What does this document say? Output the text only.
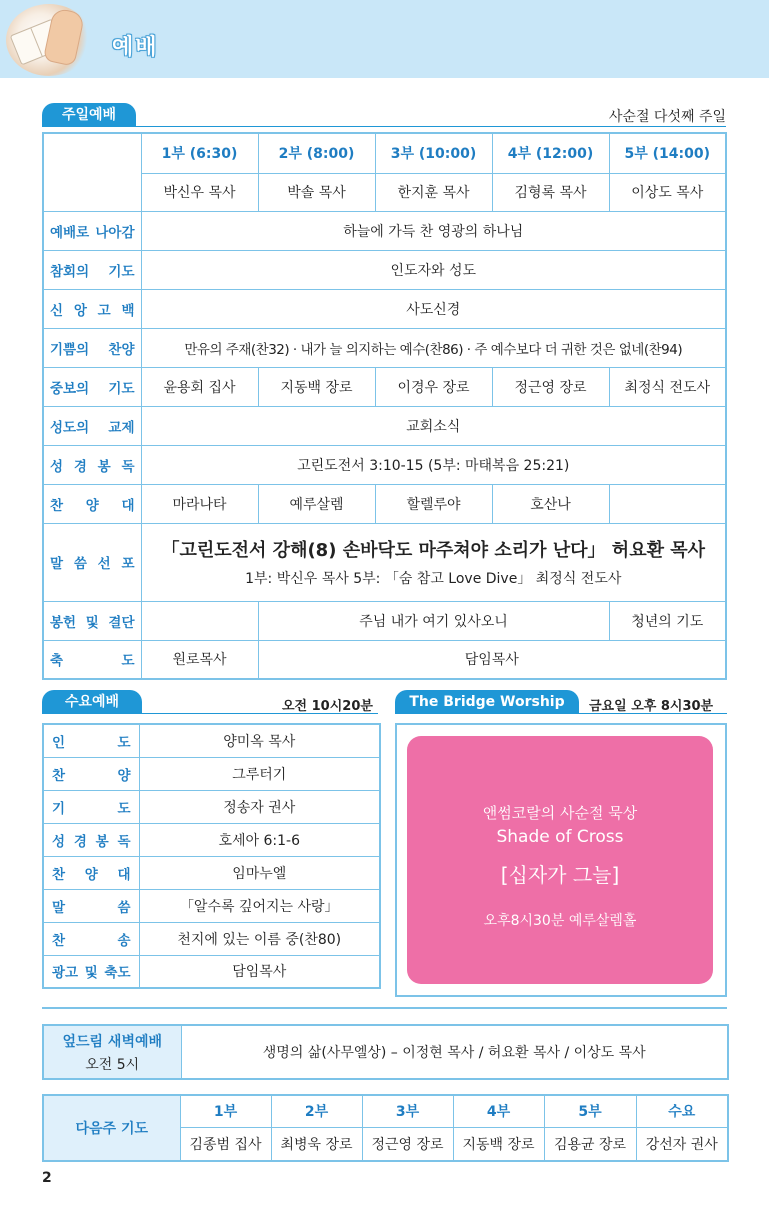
예배
주일예배	사순절 다섯째 주일
	1부 (6:30)	2부 (8:00)	3부 (10:00)	4부 (12:00)	5부 (14:00)
	박신우 목사	박솔 목사	한지훈 목사	김형록 목사	이상도 목사
예배로 나아감	하늘에 가득 찬 영광의 하나님				
참회의 기도	인도자와 성도				
신 앙 고 백	사도신경				
기쁨의 찬양	만유의 주재(찬32) · 내가 늘 의지하는 예수(찬86) · 주 예수보다 더 귀한 것은 없네(찬94)				
중보의 기도	윤용회 집사	지동백 장로	이경우 장로	정근영 장로	최정식 전도사
성도의 교제	교회소식				
성 경 봉 독	고린도전서 3:10-15 (5부: 마태복음 25:21)				
찬 양 대	마라나타	예루살렘	할렐루야	호산나	
말 씀 선 포	「고린도전서 강해(8) 손바닥도 마주쳐야 소리가 난다」 허요환 목사
1부: 박신우 목사 5부: 「숨 참고 Love Dive」 최정식 전도사				

봉헌 및 결단		주님 내가 여기 있사오니			청년의 기도
축 도	원로목사	담임목사			
수요예배	오전 10시20분
인 도	양미옥 목사
찬 양	그루터기
기 도	정송자 권사
성 경 봉 독	호세아 6:1-6
찬 양 대	임마누엘
말 씀	「알수록 깊어지는 사랑」
찬 송	천지에 있는 이름 중(찬80)
광고 및 축도	담임목사
The Bridge Worship	금요일 오후 8시30분
앤썸코랄의 사순절 묵상
Shade of Cross
[십자가 그늘]
오후8시30분 예루살렘홀
엎드림 새벽예배
오전 5시
	생명의 삶(사무엘상) – 이정현 목사 / 허요환 목사 / 이상도 목사
다음주 기도	1부	2부	3부	4부	5부	수요
	김종범 집사	최병욱 장로	정근영 장로	지동백 장로	김용균 장로	강선자 권사
2
